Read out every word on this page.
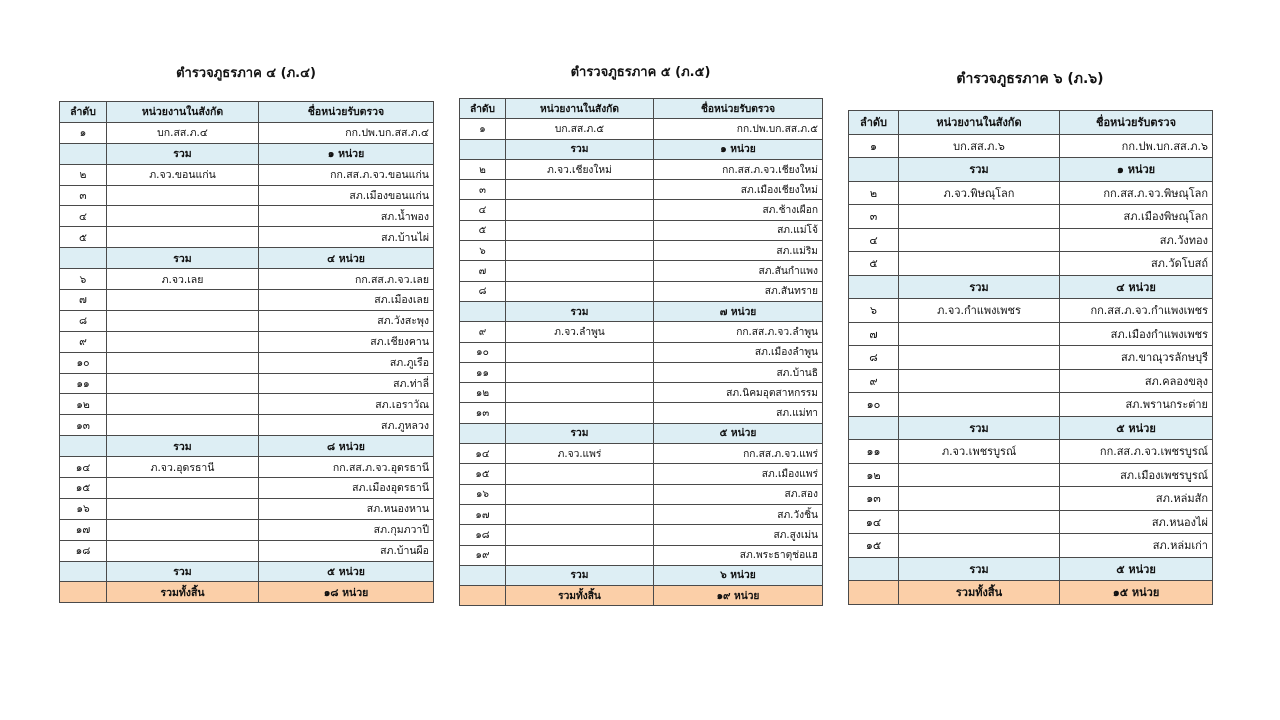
ตำรวจภูธรภาค ๔ (ภ.๔)
ลำดับ	หน่วยงานในสังกัด	ชื่อหน่วยรับตรวจ
๑	บก.สส.ภ.๔	กก.ปพ.บก.สส.ภ.๔
	รวม	๑ หน่วย
๒	ภ.จว.ขอนแก่น	กก.สส.ภ.จว.ขอนแก่น
๓		สภ.เมืองขอนแก่น
๔		สภ.น้ำพอง
๕		สภ.บ้านไผ่
	รวม	๔ หน่วย
๖	ภ.จว.เลย	กก.สส.ภ.จว.เลย
๗		สภ.เมืองเลย
๘		สภ.วังสะพุง
๙		สภ.เชียงคาน
๑๐		สภ.ภูเรือ
๑๑		สภ.ท่าลี่
๑๒		สภ.เอราวัณ
๑๓		สภ.ภูหลวง
	รวม	๘ หน่วย
๑๔	ภ.จว.อุดรธานี	กก.สส.ภ.จว.อุดรธานี
๑๕		สภ.เมืองอุดรธานี
๑๖		สภ.หนองหาน
๑๗		สภ.กุมภวาปี
๑๘		สภ.บ้านผือ
	รวม	๕ หน่วย
	รวมทั้งสิ้น	๑๘ หน่วย
ตำรวจภูธรภาค ๕ (ภ.๕)
ลำดับ	หน่วยงานในสังกัด	ชื่อหน่วยรับตรวจ
๑	บก.สส.ภ.๕	กก.ปพ.บก.สส.ภ.๕
	รวม	๑ หน่วย
๒	ภ.จว.เชียงใหม่	กก.สส.ภ.จว.เชียงใหม่
๓		สภ.เมืองเชียงใหม่
๔		สภ.ช้างเผือก
๕		สภ.แม่โจ้
๖		สภ.แม่ริม
๗		สภ.สันกำแพง
๘		สภ.สันทราย
	รวม	๗ หน่วย
๙	ภ.จว.ลำพูน	กก.สส.ภ.จว.ลำพูน
๑๐		สภ.เมืองลำพูน
๑๑		สภ.บ้านธิ
๑๒		สภ.นิคมอุตสาหกรรม
๑๓		สภ.แม่ทา
	รวม	๕ หน่วย
๑๔	ภ.จว.แพร่	กก.สส.ภ.จว.แพร่
๑๕		สภ.เมืองแพร่
๑๖		สภ.สอง
๑๗		สภ.วังชิ้น
๑๘		สภ.สูงเม่น
๑๙		สภ.พระธาตุช่อแฮ
	รวม	๖ หน่วย
	รวมทั้งสิ้น	๑๙ หน่วย
ตำรวจภูธรภาค ๖ (ภ.๖)
ลำดับ	หน่วยงานในสังกัด	ชื่อหน่วยรับตรวจ
๑	บก.สส.ภ.๖	กก.ปพ.บก.สส.ภ.๖
	รวม	๑ หน่วย
๒	ภ.จว.พิษณุโลก	กก.สส.ภ.จว.พิษณุโลก
๓		สภ.เมืองพิษณุโลก
๔		สภ.วังทอง
๕		สภ.วัดโบสถ์
	รวม	๔ หน่วย
๖	ภ.จว.กำแพงเพชร	กก.สส.ภ.จว.กำแพงเพชร
๗		สภ.เมืองกำแพงเพชร
๘		สภ.ขาณุวรลักษบุรี
๙		สภ.คลองขลุง
๑๐		สภ.พรานกระต่าย
	รวม	๕ หน่วย
๑๑	ภ.จว.เพชรบูรณ์	กก.สส.ภ.จว.เพชรบูรณ์
๑๒		สภ.เมืองเพชรบูรณ์
๑๓		สภ.หล่มสัก
๑๔		สภ.หนองไผ่
๑๕		สภ.หล่มเก่า
	รวม	๕ หน่วย
	รวมทั้งสิ้น	๑๕ หน่วย
